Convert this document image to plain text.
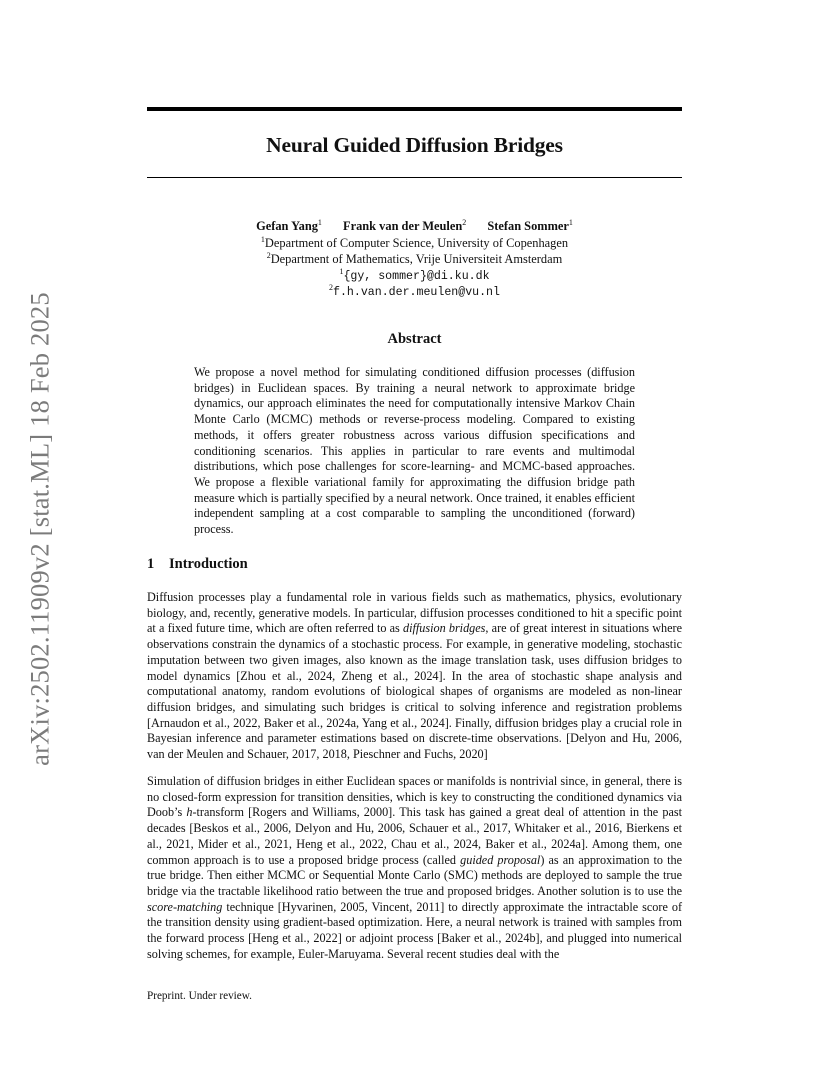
arXiv:2502.11909v2 [stat.ML] 18 Feb 2025
Neural Guided Diffusion Bridges
Gefan Yang$^1$ Frank van der Meulen$^2$ Stefan Sommer$^1$
$^1$Department of Computer Science, University of Copenhagen
$^2$Department of Mathematics, Vrije Universiteit Amsterdam
$^1${gy, sommer}@di.ku.dk
$^2$f.h.van.der.meulen@vu.nl
Abstract

We propose a novel method for simulating conditioned diffusion processes (diffusion bridges) in Euclidean spaces. By training a neural network to approximate bridge dynamics, our approach eliminates the need for computationally intensive Markov Chain Monte Carlo (MCMC) methods or reverse-process modeling. Compared to existing methods, it offers greater robustness across various diffusion specifications and conditioning scenarios. This applies in particular to rare events and multimodal distributions, which pose challenges for score-learning- and MCMC-based approaches. We propose a flexible variational family for approximating the diffusion bridge path measure which is partially specified by a neural network. Once trained, it enables efficient independent sampling at a cost comparable to sampling the unconditioned (forward) process.

1 Introduction

Diffusion processes play a fundamental role in various fields such as mathematics, physics, evolutionary biology, and, recently, generative models. In particular, diffusion processes conditioned to hit a specific point at a fixed future time, which are often referred to as diffusion bridges, are of great interest in situations where observations constrain the dynamics of a stochastic process. For example, in generative modeling, stochastic imputation between two given images, also known as the image translation task, uses diffusion bridges to model dynamics [Zhou et al., 2024, Zheng et al., 2024]. In the area of stochastic shape analysis and computational anatomy, random evolutions of biological shapes of organisms are modeled as non-linear diffusion bridges, and simulating such bridges is critical to solving inference and registration problems [Arnaudon et al., 2022, Baker et al., 2024a, Yang et al., 2024]. Finally, diffusion bridges play a crucial role in Bayesian inference and parameter estimations based on discrete-time observations. [Delyon and Hu, 2006, van der Meulen and Schauer, 2017, 2018, Pieschner and Fuchs, 2020]

Simulation of diffusion bridges in either Euclidean spaces or manifolds is nontrivial since, in general, there is no closed-form expression for transition densities, which is key to constructing the conditioned dynamics via Doob’s h-transform [Rogers and Williams, 2000]. This task has gained a great deal of attention in the past decades [Beskos et al., 2006, Delyon and Hu, 2006, Schauer et al., 2017, Whitaker et al., 2016, Bierkens et al., 2021, Mider et al., 2021, Heng et al., 2022, Chau et al., 2024, Baker et al., 2024a]. Among them, one common approach is to use a proposed bridge process (called guided proposal) as an approximation to the true bridge. Then either MCMC or Sequential Monte Carlo (SMC) methods are deployed to sample the true bridge via the tractable likelihood ratio between the true and proposed bridges. Another solution is to use the score-matching technique [Hyvarinen, 2005, Vincent, 2011] to directly approximate the intractable score of the transition density using gradient-based optimization. Here, a neural network is trained with samples from the forward process [Heng et al., 2022] or adjoint process [Baker et al., 2024b], and plugged into numerical solving schemes, for example, Euler-Maruyama. Several recent studies deal with the

Preprint. Under review.
